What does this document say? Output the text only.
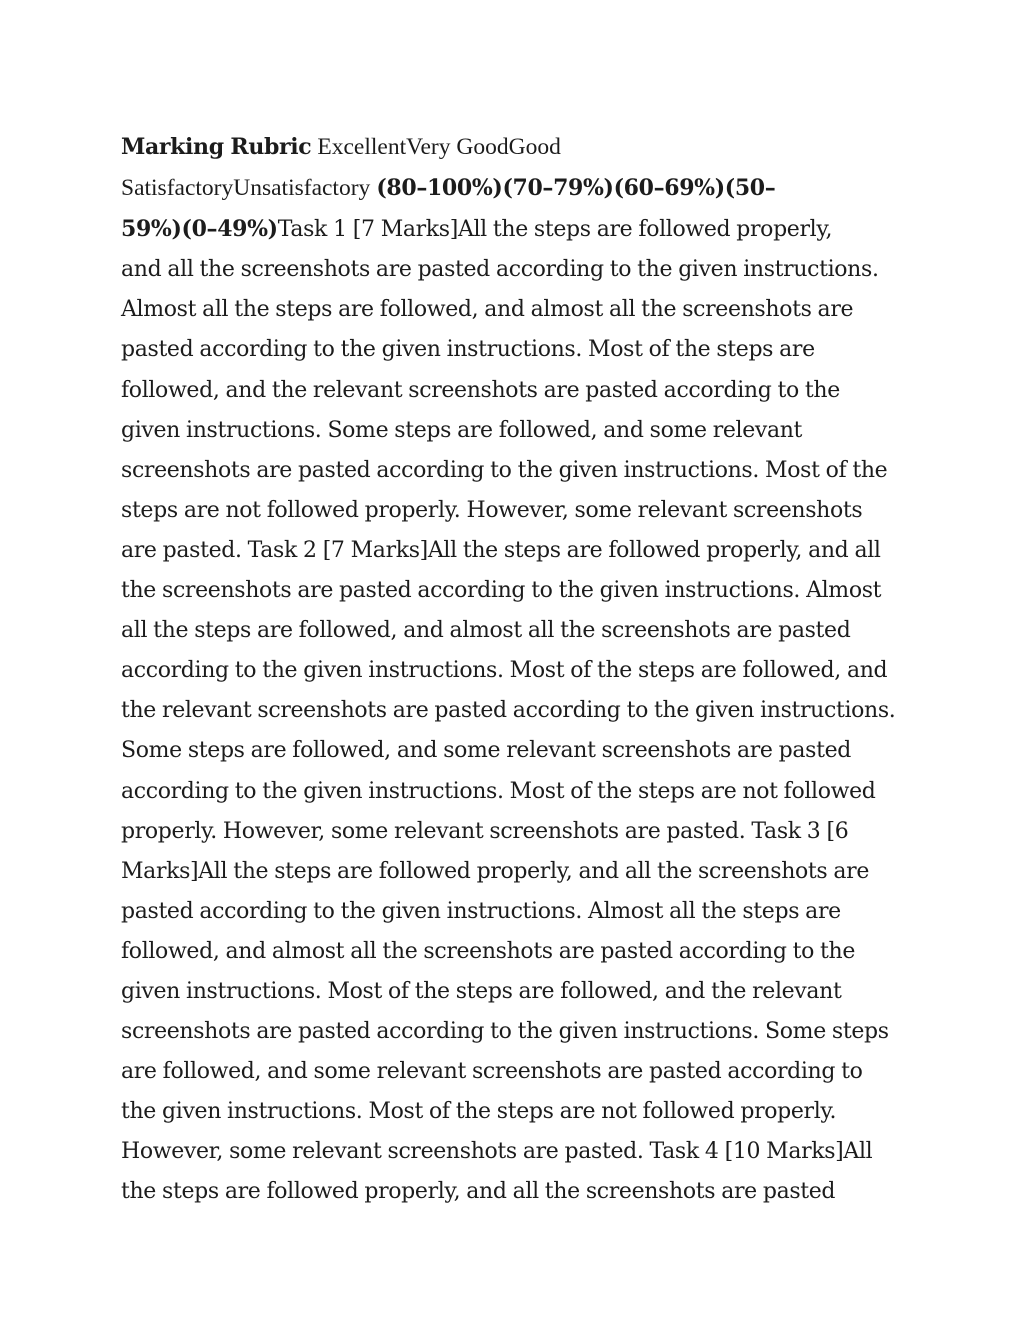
Marking Rubric ExcellentVery GoodGood
SatisfactoryUnsatisfactory (80–100%)(70–79%)(60–69%)(50–
59%)(0–49%)Task 1 [7 Marks]All the steps are followed properly,
and all the screenshots are pasted according to the given instructions.
Almost all the steps are followed, and almost all the screenshots are
pasted according to the given instructions. Most of the steps are
followed, and the relevant screenshots are pasted according to the
given instructions. Some steps are followed, and some relevant
screenshots are pasted according to the given instructions. Most of the
steps are not followed properly. However, some relevant screenshots
are pasted. Task 2 [7 Marks]All the steps are followed properly, and all
the screenshots are pasted according to the given instructions. Almost
all the steps are followed, and almost all the screenshots are pasted
according to the given instructions. Most of the steps are followed, and
the relevant screenshots are pasted according to the given instructions.
Some steps are followed, and some relevant screenshots are pasted
according to the given instructions. Most of the steps are not followed
properly. However, some relevant screenshots are pasted. Task 3 [6
Marks]All the steps are followed properly, and all the screenshots are
pasted according to the given instructions. Almost all the steps are
followed, and almost all the screenshots are pasted according to the
given instructions. Most of the steps are followed, and the relevant
screenshots are pasted according to the given instructions. Some steps
are followed, and some relevant screenshots are pasted according to
the given instructions. Most of the steps are not followed properly.
However, some relevant screenshots are pasted. Task 4 [10 Marks]All
the steps are followed properly, and all the screenshots are pasted
